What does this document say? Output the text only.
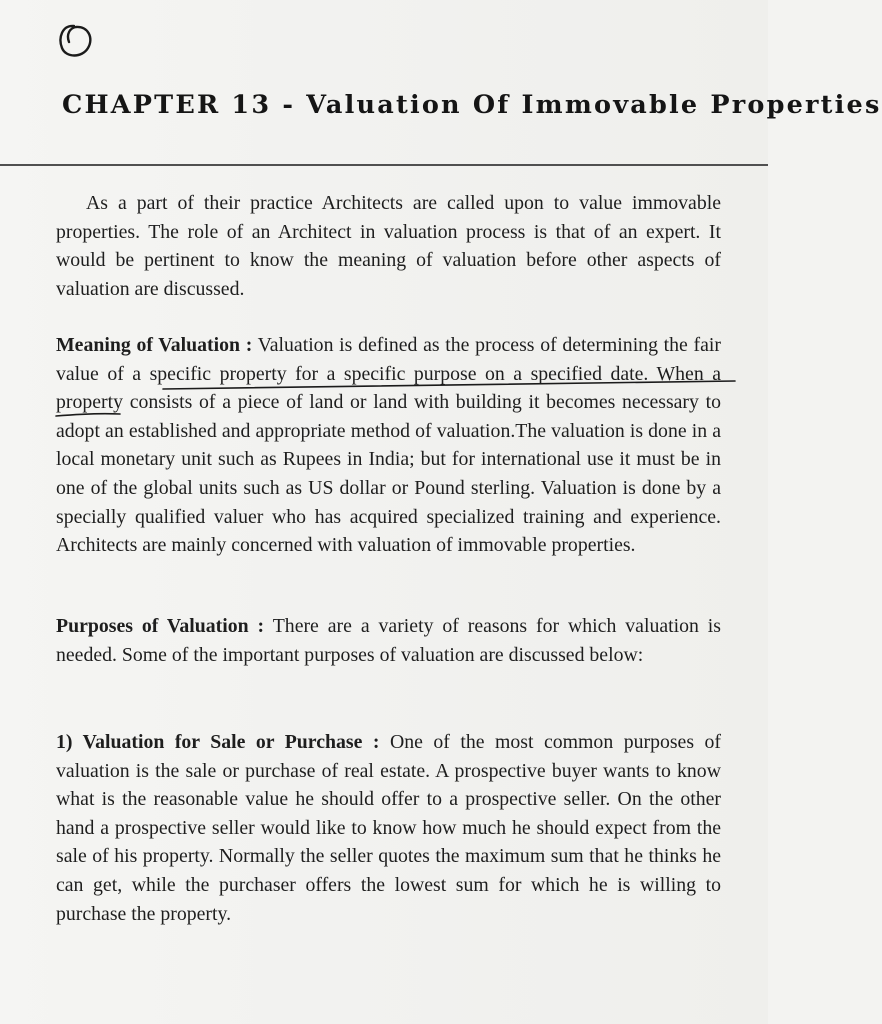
CHAPTER 13 - Valuation Of Immovable Properties

As a part of their practice Architects are called upon to value immovable properties. The role of an Architect in valuation process is that of an expert. It would be pertinent to know the meaning of valuation before other aspects of valuation are discussed.

Meaning of Valuation : Valuation is defined as the process of determining the fair value of a specific property for a specific purpose on a specified date. When a property consists of a piece of land or land with building it becomes necessary to adopt an established and appropriate method of valuation.The valuation is done in a local monetary unit such as Rupees in India; but for international use it must be in one of the global units such as US dollar or Pound sterling. Valuation is done by a specially qualified valuer who has acquired specialized training and experience. Architects are mainly concerned with valuation of immovable properties.

Purposes of Valuation : There are a variety of reasons for which valuation is needed. Some of the important purposes of valuation are discussed below:

1) Valuation for Sale or Purchase : One of the most common purposes of valuation is the sale or purchase of real estate. A prospective buyer wants to know what is the reasonable value he should offer to a prospective seller. On the other hand a prospective seller would like to know how much he should expect from the sale of his property. Normally the seller quotes the maximum sum that he thinks he can get, while the purchaser offers the lowest sum for which he is willing to purchase the property.
